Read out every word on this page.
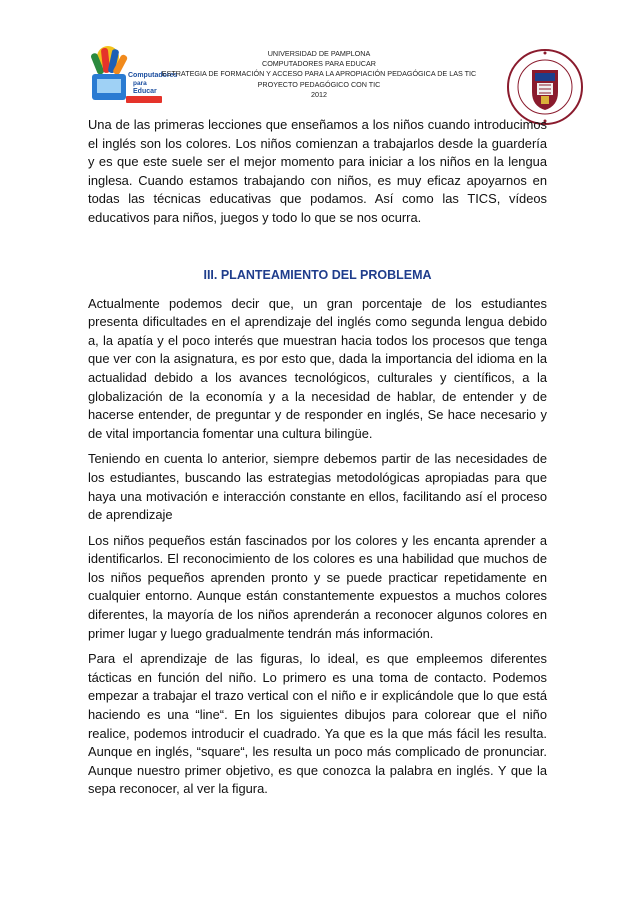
Computadores
para
Educar
UNIVERSIDAD DE PAMPLONA
COMPUTADORES PARA EDUCAR
ESTRATEGIA DE FORMACIÓN Y ACCESO PARA LA APROPIACIÓN PEDAGÓGICA DE LAS TIC
PROYECTO PEDAGÓGICO CON TIC
2012

Una de las primeras lecciones que enseñamos a los niños cuando introducimos el inglés son los colores. Los niños comienzan a trabajarlos desde la guardería y es que este suele ser el mejor momento para iniciar a los niños en la lengua inglesa. Cuando estamos trabajando con niños, es muy eficaz apoyarnos en todas las técnicas educativas que podamos. Así como las TICS, vídeos educativos para niños, juegos y todo lo que se nos ocurra.

III. PLANTEAMIENTO DEL PROBLEMA

Actualmente podemos decir que, un gran porcentaje de los estudiantes presenta dificultades en el aprendizaje del inglés como segunda lengua debido a, la apatía y el poco interés que muestran hacia todos los procesos que tenga que ver con la asignatura, es por esto que, dada la importancia del idioma en la actualidad debido a los avances tecnológicos, culturales y científicos, a la globalización de la economía y a la necesidad de hablar, de entender y de hacerse entender, de preguntar y de responder en inglés, Se hace necesario y de vital importancia fomentar una cultura bilingüe.

Teniendo en cuenta lo anterior, siempre debemos partir de las necesidades de los estudiantes, buscando las estrategias metodológicas apropiadas para que haya una motivación e interacción constante en ellos, facilitando así el proceso de aprendizaje

Los niños pequeños están fascinados por los colores y les encanta aprender a identificarlos. El reconocimiento de los colores es una habilidad que muchos de los niños pequeños aprenden pronto y se puede practicar repetidamente en cualquier entorno. Aunque están constantemente expuestos a muchos colores diferentes, la mayoría de los niños aprenderán a reconocer algunos colores en primer lugar y luego gradualmente tendrán más información.

Para el aprendizaje de las figuras, lo ideal, es que empleemos diferentes tácticas en función del niño. Lo primero es una toma de contacto. Podemos empezar a trabajar el trazo vertical con el niño e ir explicándole que lo que está haciendo es una “line“. En los siguientes dibujos para colorear que el niño realice, podemos introducir el cuadrado. Ya que es la que más fácil les resulta. Aunque en inglés, “square“, les resulta un poco más complicado de pronunciar. Aunque nuestro primer objetivo, es que conozca la palabra en inglés. Y que la sepa reconocer, al ver la figura.
